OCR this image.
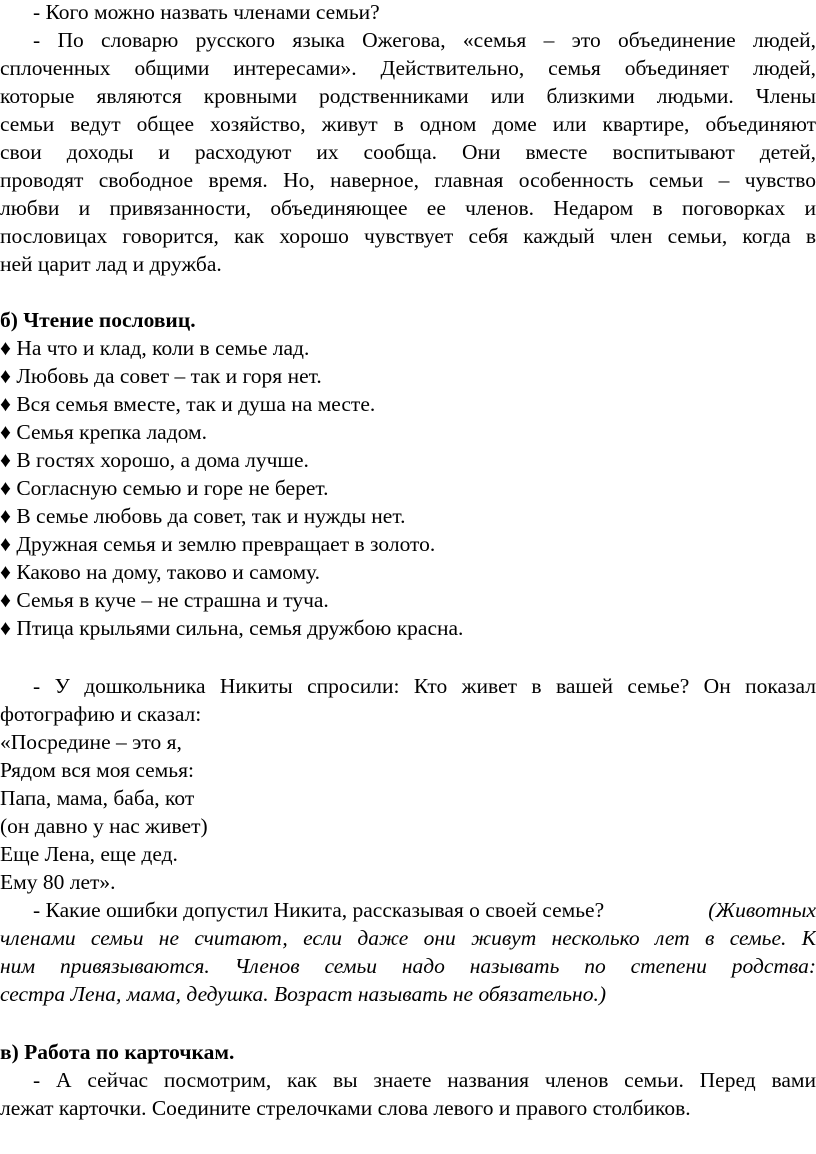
- Кого можно назвать членами семьи?
- По словарю русского языка Ожегова, «семья – это объединение людей,
сплоченных общими интересами». Действительно, семья объединяет людей,
которые являются кровными родственниками или близкими людьми. Члены
семьи ведут общее хозяйство, живут в одном доме или квартире, объединяют
свои доходы и расходуют их сообща. Они вместе воспитывают детей,
проводят свободное время. Но, наверное, главная особенность семьи – чувство
любви и привязанности, объединяющее ее членов. Недаром в поговорках и
пословицах говорится, как хорошо чувствует себя каждый член семьи, когда в
ней царит лад и дружба.
б) Чтение пословиц.
♦ На что и клад, коли в семье лад.
♦ Любовь да совет – так и горя нет.
♦ Вся семья вместе, так и душа на месте.
♦ Семья крепка ладом.
♦ В гостях хорошо, а дома лучше.
♦ Согласную семью и горе не берет.
♦ В семье любовь да совет, так и нужды нет.
♦ Дружная семья и землю превращает в золото.
♦ Каково на дому, таково и самому.
♦ Семья в куче – не страшна и туча.
♦ Птица крыльями сильна, семья дружбою красна.
- У дошкольника Никиты спросили: Кто живет в вашей семье? Он показал
фотографию и сказал:
«Посредине – это я,
Рядом вся моя семья:
Папа, мама, баба, кот
(он давно у нас живет)
Еще Лена, еще дед.
Ему 80 лет».
- Какие ошибки допустил Никита, рассказывая о своей семье?	(Животных
членами семьи не считают, если даже они живут несколько лет в семье. К
ним привязываются. Членов семьи надо называть по степени родства:
сестра Лена, мама, дедушка. Возраст называть не обязательно.)
в) Работа по карточкам.
- А сейчас посмотрим, как вы знаете названия членов семьи. Перед вами
лежат карточки. Соедините стрелочками слова левого и правого столбиков.
